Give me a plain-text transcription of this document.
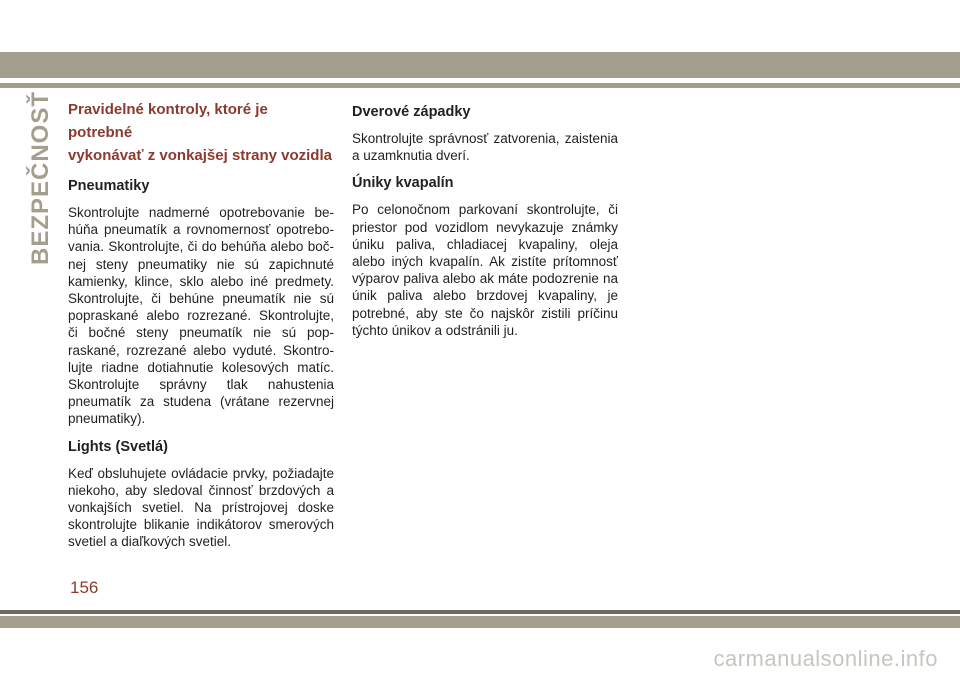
BEZPEČNOSŤ Pravidelné kontroly, ktoré je potrebné
vykonávať z vonkajšej strany vozidla
Pneumatiky

Skontrolujte nadmerné opotrebovanie behúňa pneumatík a rovnomernosť opotrebovania. Skontrolujte, či do behúňa alebo bočnej steny pneumatiky nie sú zapichnuté kamienky, klince, sklo alebo iné predmety. Skontrolujte, či behúne pneumatík nie sú popraskané alebo rozrezané. Skontrolujte, či bočné steny pneumatík nie sú popraskané, rozrezané alebo vyduté. Skontrolujte riadne dotiahnutie kolesových matíc. Skontrolujte správny tlak nahustenia pneumatík za studena (vrátane rezervnej pneumatiky).

Lights (Svetlá)

Keď obsluhujete ovládacie prvky, požiadajte niekoho, aby sledoval činnosť brzdových a vonkajších svetiel. Na prístrojovej doske skontrolujte blikanie indikátorov smerových svetiel a diaľkových svetiel.

Dverové západky

Skontrolujte správnosť zatvorenia, zaistenia a uzamknutia dverí.

Úniky kvapalín

Po celonočnom parkovaní skontrolujte, či priestor pod vozidlom nevykazuje známky úniku paliva, chladiacej kvapaliny, oleja alebo iných kvapalín. Ak zistíte prítomnosť výparov paliva alebo ak máte podozrenie na únik paliva alebo brzdovej kvapaliny, je potrebné, aby ste čo najskôr zistili príčinu týchto únikov a odstránili ju.

156
carmanualsonline.info
